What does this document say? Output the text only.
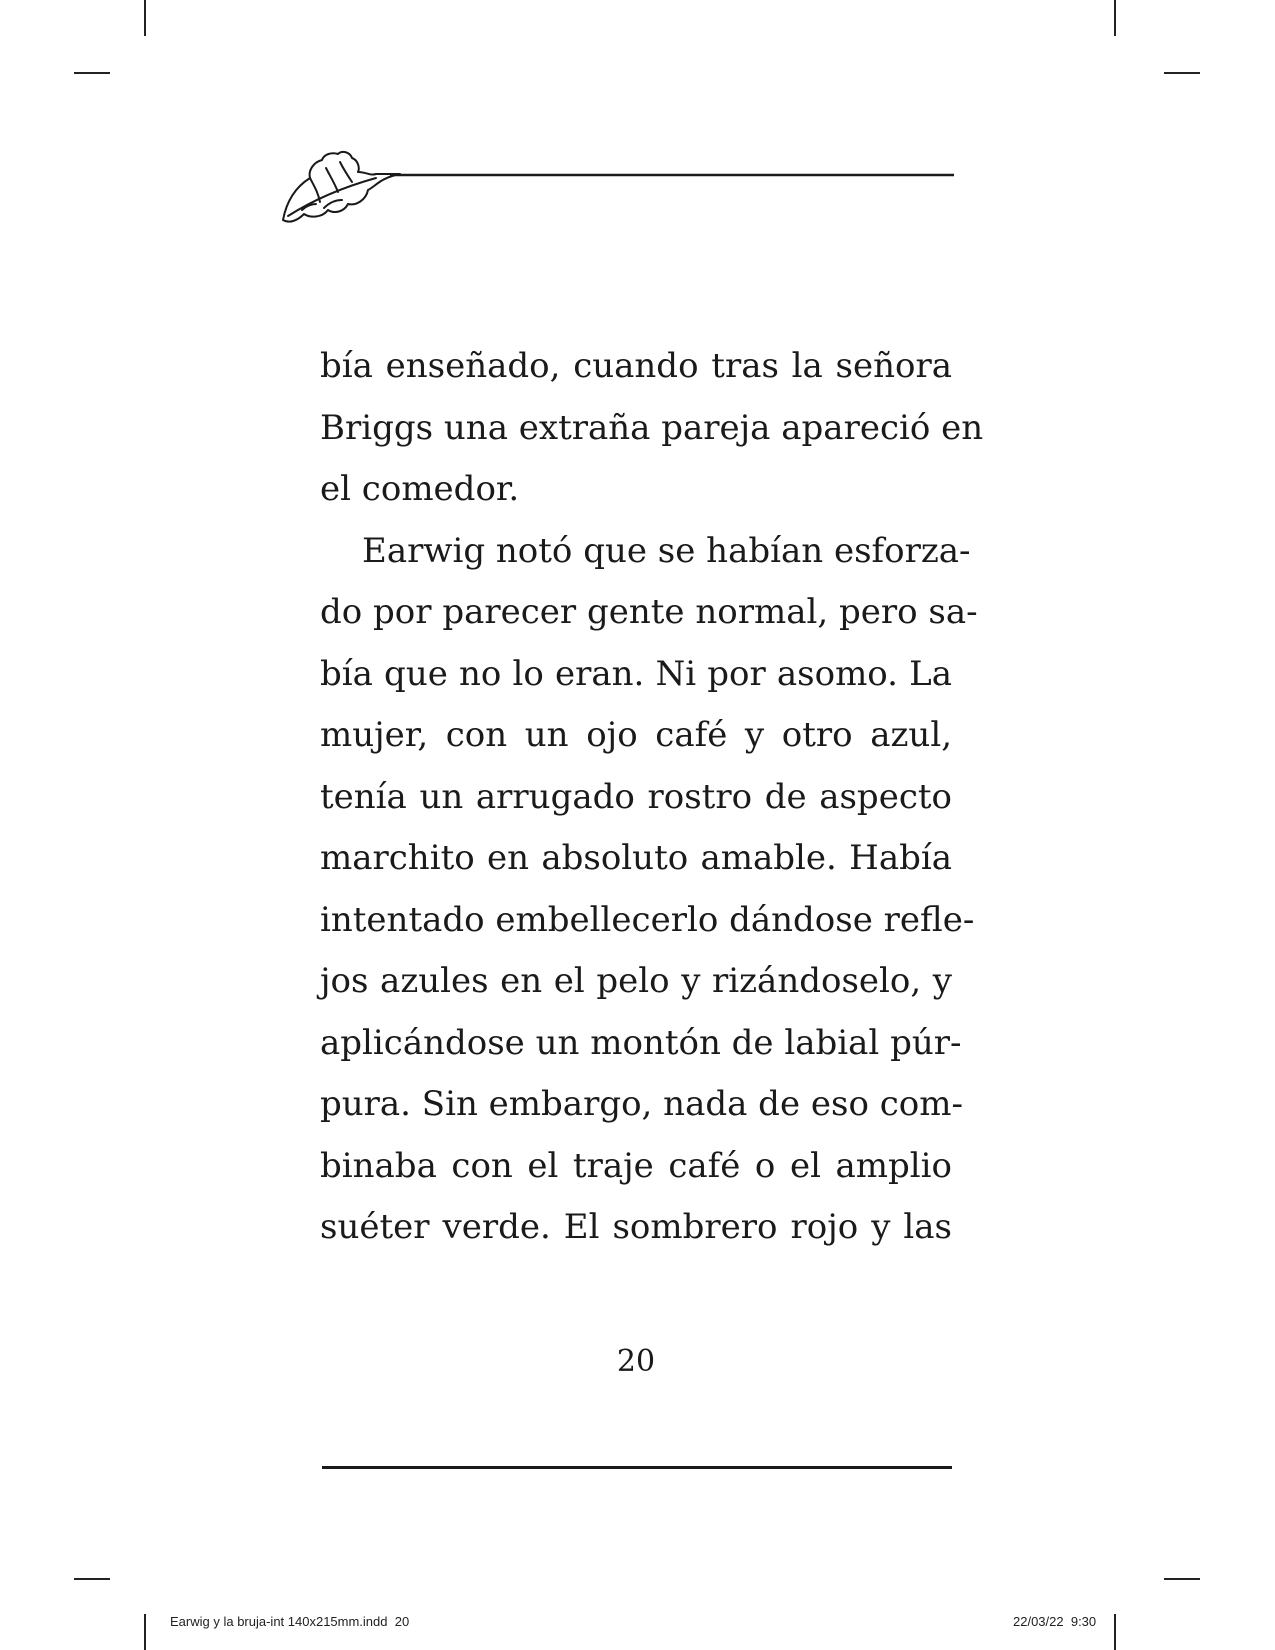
bía enseñado, cuando tras la señora
Briggs una extraña pareja apareció en
el comedor.
Earwig notó que se habían esforza-
do por parecer gente normal, pero sa-
bía que no lo eran. Ni por asomo. La
mujer, con un ojo café y otro azul,
tenía un arrugado rostro de aspecto
marchito en absoluto amable. Había
intentado embellecerlo dándose refle-
jos azules en el pelo y rizándoselo, y
aplicándose un montón de labial púr-
pura. Sin embargo, nada de eso com-
binaba con el traje café o el amplio
suéter verde. El sombrero rojo y las
20
Earwig y la bruja-int 140x215mm.indd 20	22/03/22 9:30
